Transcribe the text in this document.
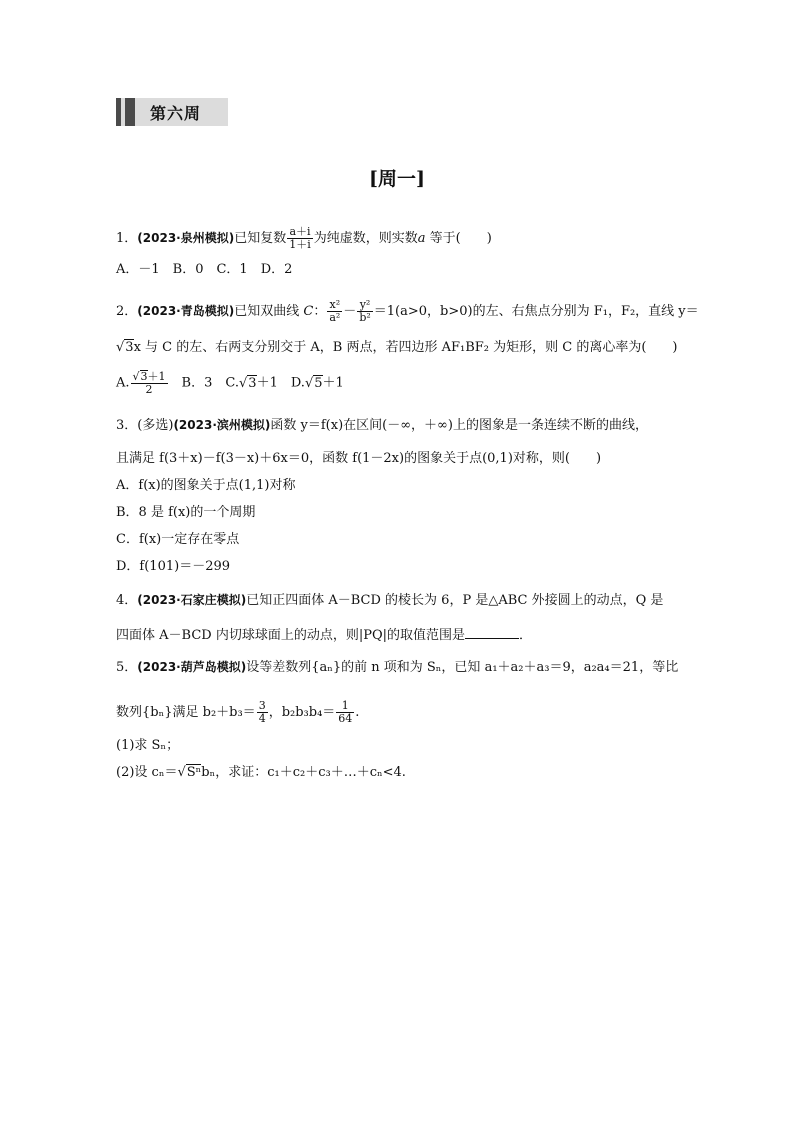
第六周
[周一]
1．(2023·泉州模拟)已知复数 $\frac{a+i}{1+i}$ 为纯虚数，则实数a 等于(　　)
A．－1　B．0　C．1　D．2
2．(2023·青岛模拟)已知双曲线 C： $\frac{\text{x²}}{\text{a²}} - \frac{\text{y²}}{\text{b²}} =1(a>0$，b>0)的左、右焦点分别为 F₁，F₂，直线 y＝
√3x 与 C 的左、右两支分别交于 A，B 两点，若四边形 AF₁BF₂ 为矩形，则 C 的离心率为(　　)
A. $\frac{√3+1}{2}$ 　B．3　C.√3＋1　D.√5＋1
3．(多选)(2023·滨州模拟)函数 y＝f(x)在区间(－∞，＋∞)上的图象是一条连续不断的曲线，
且满足 f(3＋x)－f(3－x)＋6x＝0，函数 f(1－2x)的图象关于点(0,1)对称，则(　　)
A．f(x)的图象关于点(1,1)对称
B．8 是 f(x)的一个周期
C．f(x)一定存在零点
D．f(101)＝－299
4．(2023·石家庄模拟)已知正四面体 A－BCD 的棱长为 6，P 是△ABC 外接圆上的动点，Q 是
四面体 A－BCD 内切球球面上的动点，则|PQ|的取值范围是	．
5．(2023·葫芦岛模拟)设等差数列{aₙ}的前 n 项和为 Sₙ，已知 a₁＋a₂＋a₃＝9，a₂a₄＝21，等比
数列{bₙ}满足 $b_2+b_3= \frac{3}{4}$ ，$b_2b_3b_4= \frac{1}{64}$ .
(1)求 Sₙ；
(2)设 cₙ＝√Sⁿbₙ，求证：c₁＋c₂＋c₃＋…＋cₙ<4.
